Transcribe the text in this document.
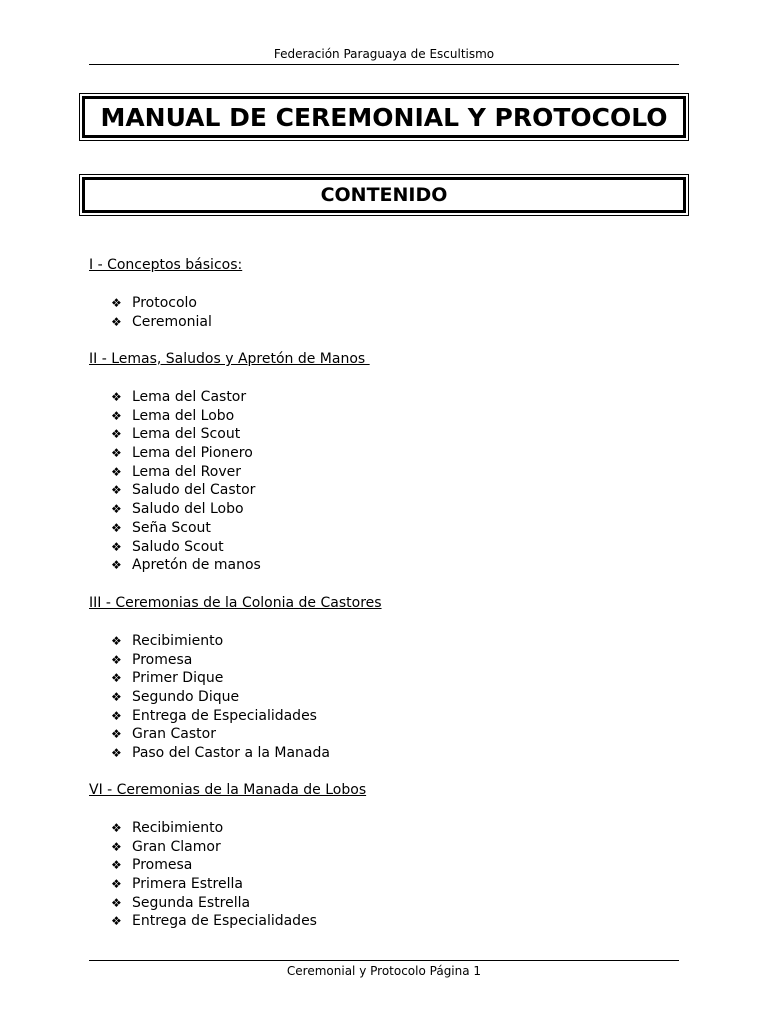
Federación Paraguaya de Escultismo
MANUAL DE CEREMONIAL Y PROTOCOLO
CONTENIDO
I - Conceptos básicos:
❖ Protocolo
❖ Ceremonial
II - Lemas, Saludos y Apretón de Manos
❖ Lema del Castor
❖ Lema del Lobo
❖ Lema del Scout
❖ Lema del Pionero
❖ Lema del Rover
❖ Saludo del Castor
❖ Saludo del Lobo
❖ Seña Scout
❖ Saludo Scout
❖ Apretón de manos
III - Ceremonias de la Colonia de Castores
❖ Recibimiento
❖ Promesa
❖ Primer Dique
❖ Segundo Dique
❖ Entrega de Especialidades
❖ Gran Castor
❖ Paso del Castor a la Manada
VI - Ceremonias de la Manada de Lobos
❖ Recibimiento
❖ Gran Clamor
❖ Promesa
❖ Primera Estrella
❖ Segunda Estrella
❖ Entrega de Especialidades
Ceremonial y Protocolo Página 1
